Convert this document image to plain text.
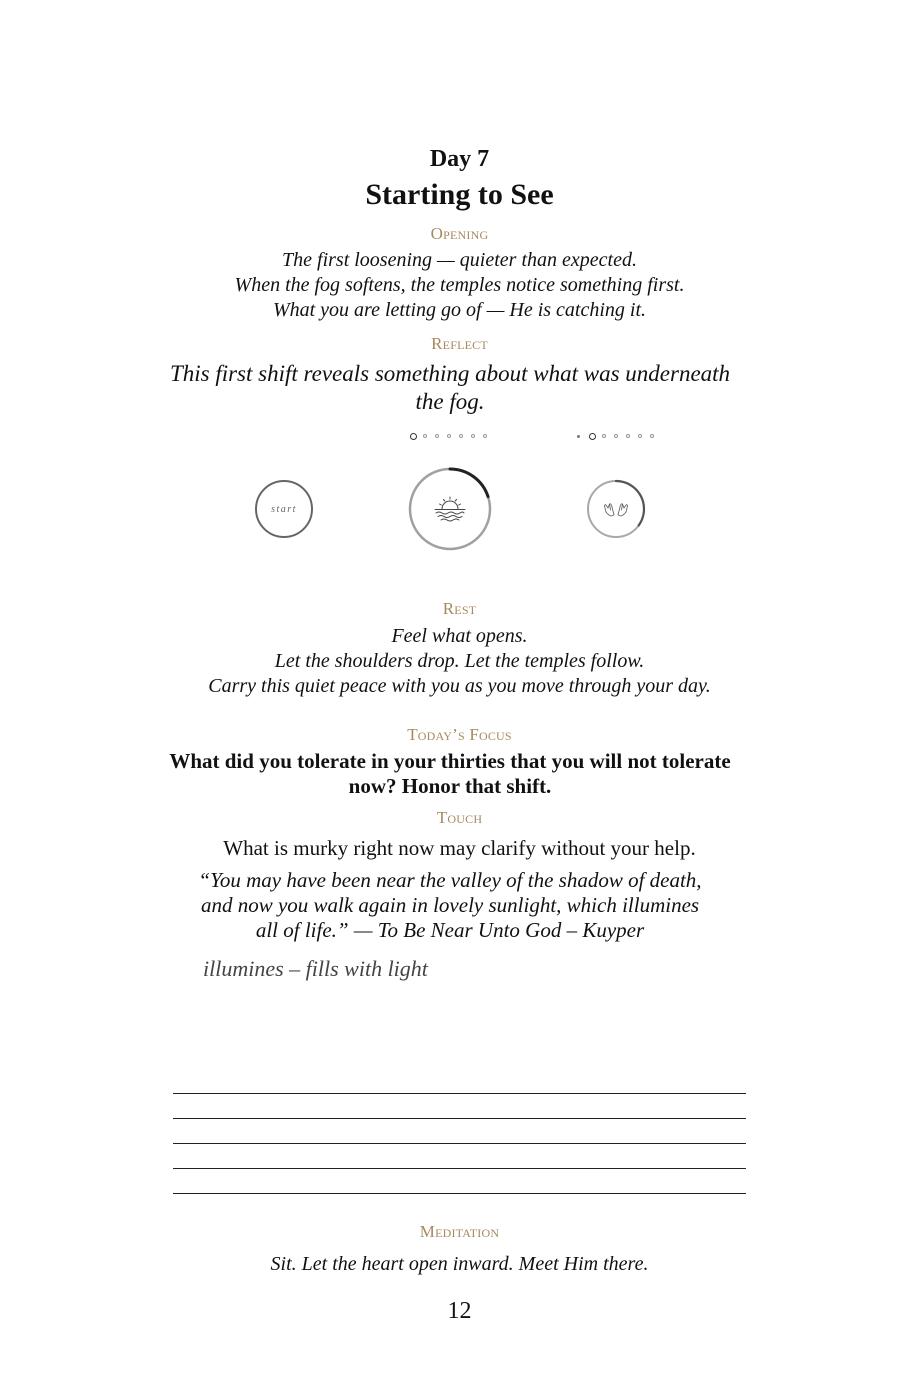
Day 7
Starting to See
Opening
The first loosening — quieter than expected.
When the fog softens, the temples notice something first.
What you are letting go of — He is catching it.
Reflect
This first shift reveals something about what was underneath the fog.
start
Rest
Feel what opens.
Let the shoulders drop. Let the temples follow.
Carry this quiet peace with you as you move through your day.
Today’s Focus
What did you tolerate in your thirties that you will not tolerate now? Honor that shift.
Touch
What is murky right now may clarify without your help.
“You may have been near the valley of the shadow of death, and now you walk again in lovely sunlight, which illumines all of life.” — To Be Near Unto God – Kuyper
illumines – fills with light
Meditation
Sit. Let the heart open inward. Meet Him there.
12
